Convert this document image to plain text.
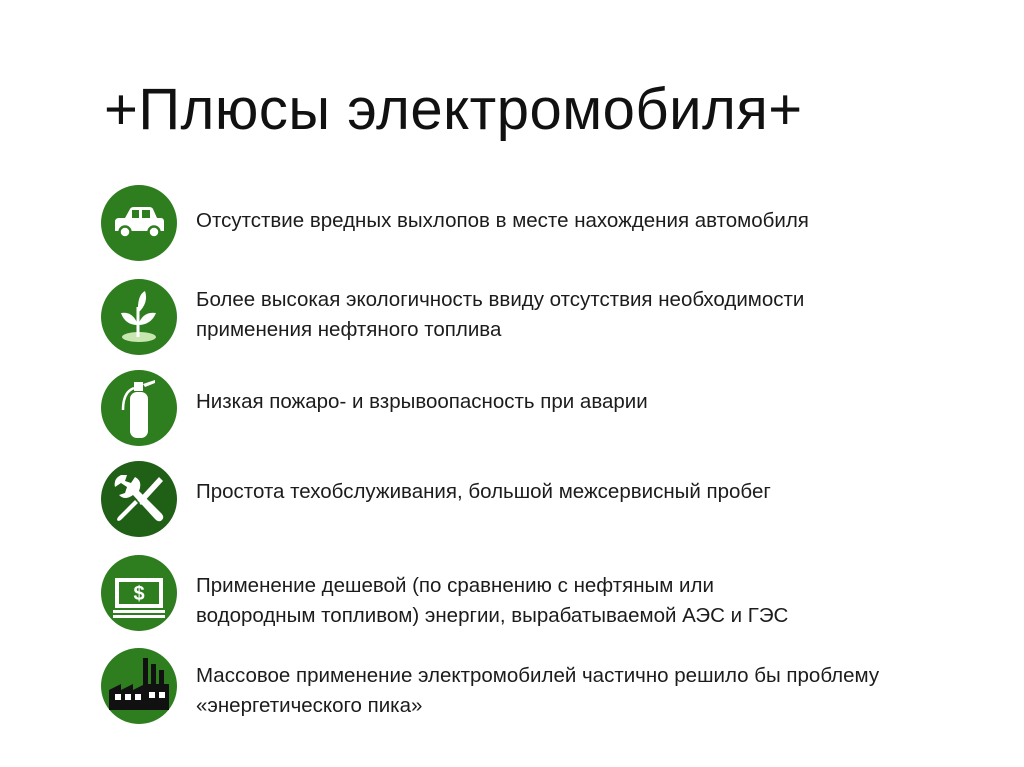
+Плюсы электромобиля+
Отсутствие вредных выхлопов в месте нахождения автомобиля
Более высокая экологичность ввиду отсутствия необходимости
применения нефтяного топлива
Низкая пожаро- и взрывоопасность при аварии
Простота техобслуживания, большой межсервисный пробег
$	Применение дешевой (по сравнению с нефтяным или
водородным топливом) энергии, вырабатываемой АЭС и ГЭС
Массовое применение электромобилей частично решило бы проблему
«энергетического пика»
